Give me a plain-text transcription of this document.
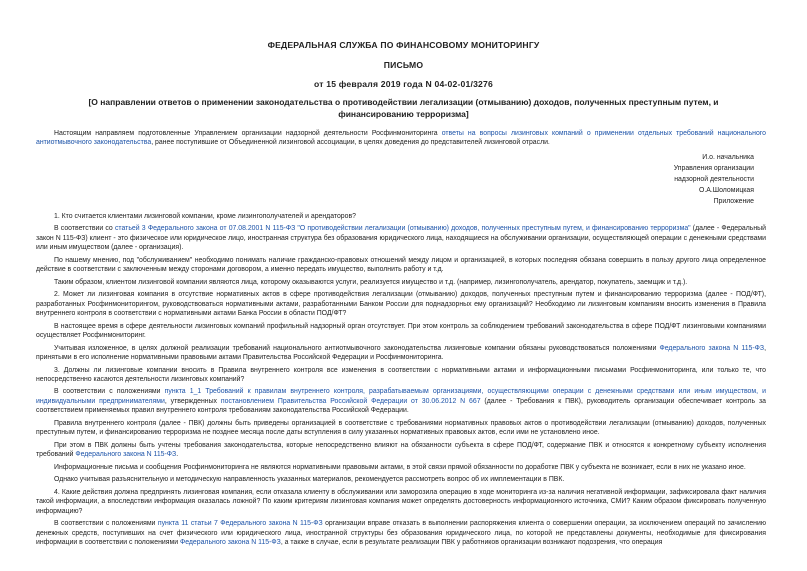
ФЕДЕРАЛЬНАЯ СЛУЖБА ПО ФИНАНСОВОМУ МОНИТОРИНГУ
ПИСЬМО
от 15 февраля 2019 года N 04-02-01/3276
[О направлении ответов о применении законодательства о противодействии легализации (отмыванию) доходов, полученных преступным путем, и
финансированию терроризма]

Настоящим направляем подготовленные Управлением организации надзорной деятельности Росфинмониторинга ответы на вопросы лизинговых компаний о применении отдельных требований национального антиотмывочного законодательства, ранее поступившие от Объединенной лизинговой ассоциации, в целях доведения до представителей лизинговой отрасли.

И.о. начальника
Управления организации
надзорной деятельности
О.А.Шоломицкая
Приложение

1. Кто считается клиентами лизинговой компании, кроме лизингополучателей и арендаторов?

В соответствии со статьей 3 Федерального закона от 07.08.2001 N 115-ФЗ "О противодействии легализации (отмыванию) доходов, полученных преступным путем, и финансированию терроризма" (далее - Федеральный закон N 115-ФЗ) клиент - это физическое или юридическое лицо, иностранная структура без образования юридического лица, находящиеся на обслуживании организации, осуществляющей операции с денежными средствами или иным имуществом (далее - организация).

По нашему мнению, под "обслуживанием" необходимо понимать наличие гражданско-правовых отношений между лицом и организацией, в которых последняя обязана совершить в пользу другого лица определенное действие в соответствии с заключенным между сторонами договором, а именно передать имущество, выполнить работу и т.д.

Таким образом, клиентом лизинговой компании являются лица, которому оказываются услуги, реализуется имущество и т.д. (например, лизингополучатель, арендатор, покупатель, заемщик и т.д.).

2. Может ли лизинговая компания в отсутствие нормативных актов в сфере противодействия легализации (отмыванию) доходов, полученных преступным путем и финансированию терроризма (далее - ПОД/ФТ), разработанных Росфинмониторингом, руководствоваться нормативными актами, разработанными Банком России для поднадзорных ему организаций? Необходимо ли лизинговым компаниям вносить изменения в Правила внутреннего контроля в соответствии с нормативными актами Банка России в области ПОД/ФТ?

В настоящее время в сфере деятельности лизинговых компаний профильный надзорный орган отсутствует. При этом контроль за соблюдением требований законодательства в сфере ПОД/ФТ лизинговыми компаниями осуществляет Росфинмониторинг.

Учитывая изложенное, в целях должной реализации требований национального антиотмывочного законодательства лизинговые компании обязаны руководствоваться положениями Федерального закона N 115-ФЗ, принятыми в его исполнение нормативными правовыми актами Правительства Российской Федерации и Росфинмониторинга.

3. Должны ли лизинговые компании вносить в Правила внутреннего контроля все изменения в соответствии с нормативными актами и информационными письмами Росфинмониторинга, или только те, что непосредственно касаются деятельности лизинговых компаний?

В соответствии с положениями пункта 1_1 Требований к правилам внутреннего контроля, разрабатываемым организациями, осуществляющими операции с денежными средствами или иным имуществом, и индивидуальными предпринимателями, утвержденных постановлением Правительства Российской Федерации от 30.06.2012 N 667 (далее - Требования к ПВК), руководитель организации обеспечивает контроль за соответствием применяемых правил внутреннего контроля требованиям законодательства Российской Федерации.

Правила внутреннего контроля (далее - ПВК) должны быть приведены организацией в соответствие с требованиями нормативных правовых актов о противодействии легализации (отмыванию) доходов, полученных преступным путем, и финансированию терроризма не позднее месяца после даты вступления в силу указанных нормативных правовых актов, если ими не установлено иное.

При этом в ПВК должны быть учтены требования законодательства, которые непосредственно влияют на обязанности субъекта в сфере ПОД/ФТ, содержание ПВК и относятся к конкретному субъекту исполнения требований Федерального закона N 115-ФЗ.

Информационные письма и сообщения Росфинмониторинга не являются нормативными правовыми актами, в этой связи прямой обязанности по доработке ПВК у субъекта не возникает, если в них не указано иное.

Однако учитывая разъяснительную и методическую направленность указанных материалов, рекомендуется рассмотреть вопрос об их имплементации в ПВК.

4. Какие действия должна предпринять лизинговая компания, если отказала клиенту в обслуживании или заморозила операцию в ходе мониторинга из-за наличия негативной информации, зафиксировала факт наличия такой информации, а впоследствии информация оказалась ложной? По каким критериям лизинговая компания может определять достоверность информационного источника, СМИ? Каким образом фиксировать полученную информацию?

В соответствии с положениями пункта 11 статьи 7 Федерального закона N 115-ФЗ организации вправе отказать в выполнении распоряжения клиента о совершении операции, за исключением операций по зачислению денежных средств, поступивших на счет физического или юридического лица, иностранной структуры без образования юридического лица, по которой не представлены документы, необходимые для фиксирования информации в соответствии с положениями Федерального закона N 115-ФЗ, а также в случае, если в результате реализации ПВК у работников организации возникают подозрения, что операция
